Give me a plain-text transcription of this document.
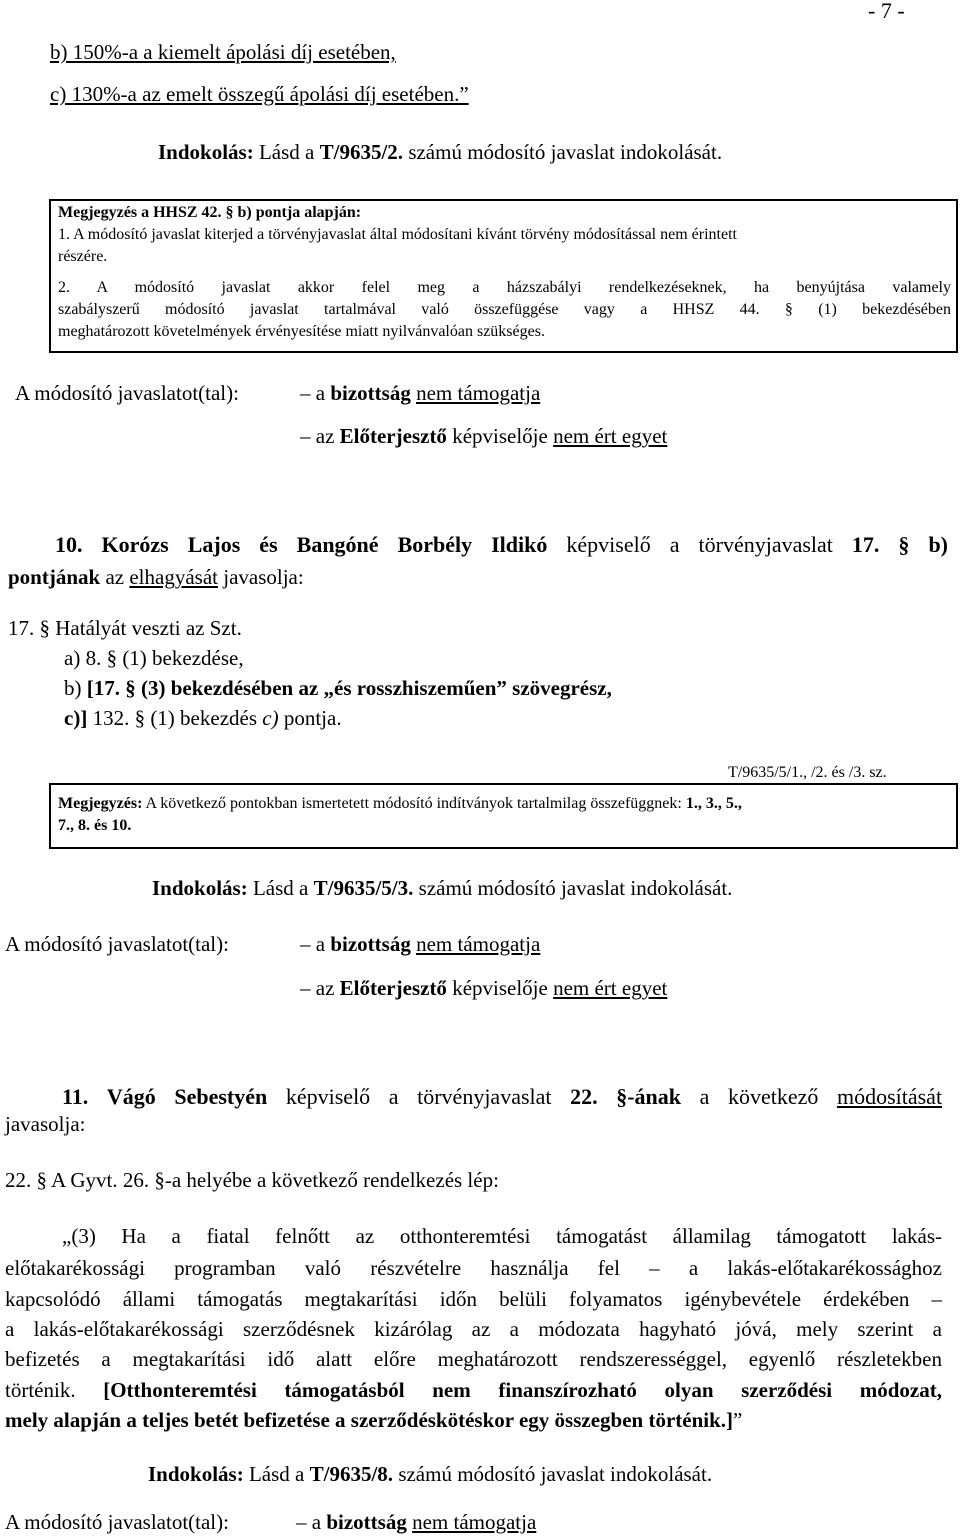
- 7 -
b) 150%-a a kiemelt ápolási díj esetében,
c) 130%-a az emelt összegű ápolási díj esetében.”
Indokolás: Lásd a T/9635/2. számú módosító javaslat indokolását.
Megjegyzés a HHSZ 42. § b) pontja alapján:
1. A módosító javaslat kiterjed a törvényjavaslat által módosítani kívánt törvény módosítással nem érintett
részére.
2. A módosító javaslat akkor felel meg a házszabályi rendelkezéseknek, ha benyújtása valamely
szabályszerű módosító javaslat tartalmával való összefüggése vagy a HHSZ 44. § (1) bekezdésében
meghatározott követelmények érvényesítése miatt nyilvánvalóan szükséges.
A módosító javaslatot(tal):	– a bizottság nem támogatja
– az Előterjesztő képviselője nem ért egyet
10. Korózs Lajos és Bangóné Borbély Ildikó képviselő a törvényjavaslat 17. § b)
pontjának az elhagyását javasolja:
17. § Hatályát veszti az Szt.
a) 8. § (1) bekezdése,
b) [17. § (3) bekezdésében az „és rosszhiszeműen” szövegrész,
c)] 132. § (1) bekezdés c) pontja.
T/9635/5/1., /2. és /3. sz.
Megjegyzés: A következő pontokban ismertetett módosító indítványok tartalmilag összefüggnek: 1., 3., 5.,
7., 8. és 10.
Indokolás: Lásd a T/9635/5/3. számú módosító javaslat indokolását.
A módosító javaslatot(tal):	– a bizottság nem támogatja
– az Előterjesztő képviselője nem ért egyet
11. Vágó Sebestyén képviselő a törvényjavaslat 22. §-ának a következő módosítását
javasolja:
22. § A Gyvt. 26. §-a helyébe a következő rendelkezés lép:
„(3) Ha a fiatal felnőtt az otthonteremtési támogatást államilag támogatott lakás-
előtakarékossági programban való részvételre használja fel – a lakás-előtakarékossághoz
kapcsolódó állami támogatás megtakarítási időn belüli folyamatos igénybevétele érdekében –
a lakás-előtakarékossági szerződésnek kizárólag az a módozata hagyható jóvá, mely szerint a
befizetés a megtakarítási idő alatt előre meghatározott rendszerességgel, egyenlő részletekben
történik. [Otthonteremtési támogatásból nem finanszírozható olyan szerződési módozat,
mely alapján a teljes betét befizetése a szerződéskötéskor egy összegben történik.]”
Indokolás: Lásd a T/9635/8. számú módosító javaslat indokolását.
A módosító javaslatot(tal):	– a bizottság nem támogatja
